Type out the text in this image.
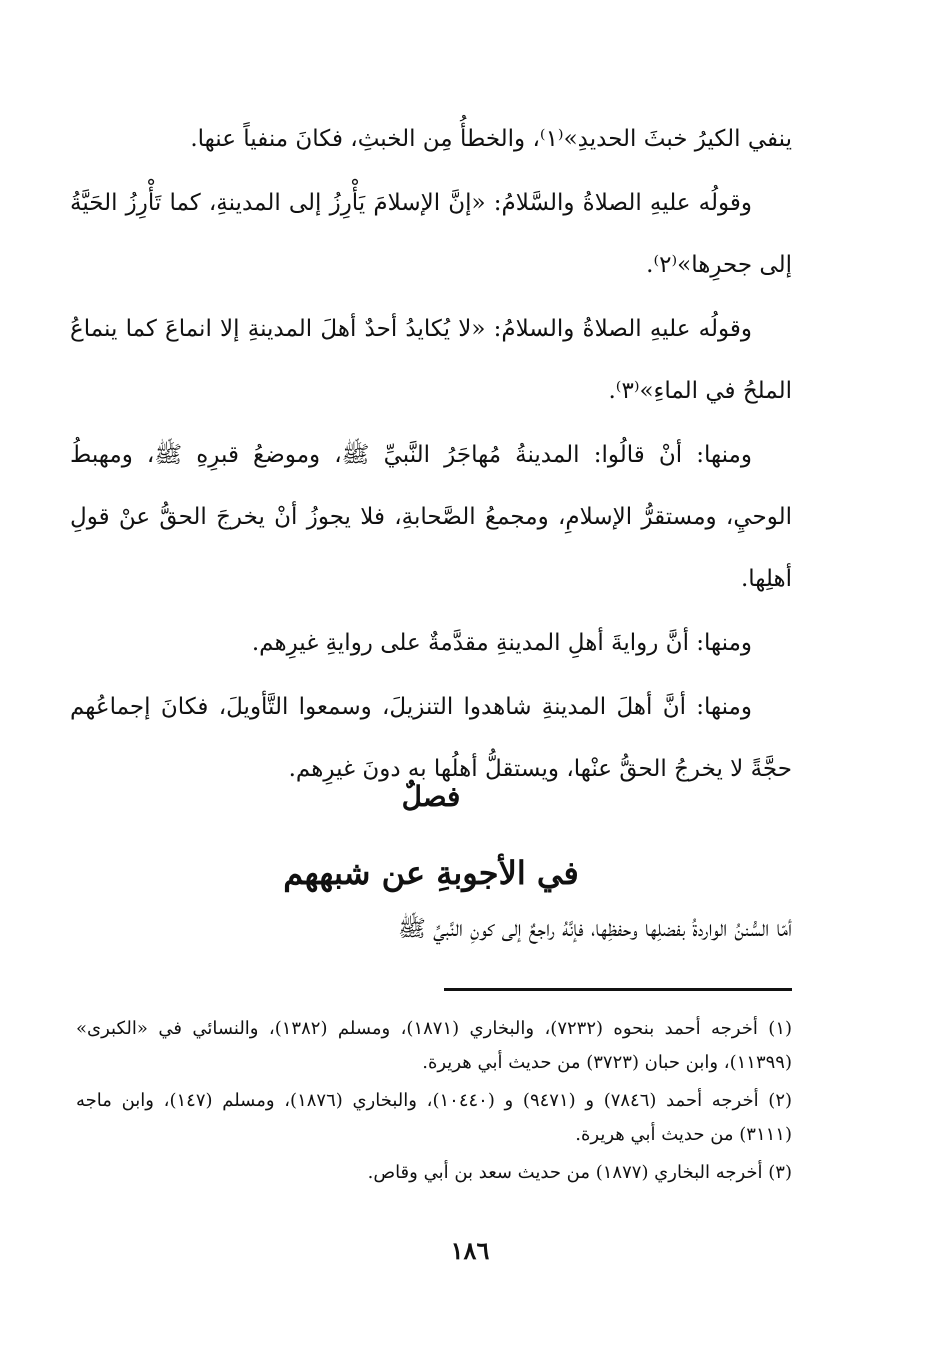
ينفي الكيرُ خبثَ الحديدِ»⁽١⁾، والخطأُ مِن الخبثِ، فكانَ منفياً عنها.

وقولُه عليهِ الصلاةُ والسَّلامُ: «إنَّ الإسلامَ يَأْرِزُ إلى المدينةِ، كما تَأْرِزُ الحَيَّةُ إلى جحرِها»⁽٢⁾.

وقولُه عليهِ الصلاةُ والسلامُ: «لا يُكايدُ أحدٌ أهلَ المدينةِ إلا انماعَ كما ينماعُ الملحُ في الماءِ»⁽٣⁾.

ومنها: أنْ قالُوا: المدينةُ مُهاجَرُ النَّبيِّ ﷺ، وموضعُ قبرِهِ ﷺ، ومهبطُ الوحيِ، ومستقرُّ الإسلامِ، ومجمعُ الصَّحابةِ، فلا يجوزُ أنْ يخرجَ الحقُّ عنْ قولِ أهلِها.

ومنها: أنَّ روايةَ أهلِ المدينةِ مقدَّمةٌ على روايةِ غيرِهم.

ومنها: أنَّ أهلَ المدينةِ شاهدوا التنزيلَ، وسمعوا التَّأويلَ، فكانَ إجماعُهم حجَّةً لا يخرجُ الحقُّ عنْها، ويستقلُّ أهلُها به دونَ غيرِهم.

فصلٌ
في الأجوبةِ عن شبههم
أمّا السُّننُ الواردةُ بفضلِها وحفظِها، فإنَّهُ راجعٌ إلى كونِ النَّبيِّ ﷺ

(١) أخرجه أحمد بنحوه (٧٢٣٢)، والبخاري (١٨٧١)، ومسلم (١٣٨٢)، والنسائي في «الكبرى» (١١٣٩٩)، وابن حبان (٣٧٢٣) من حديث أبي هريرة.

(٢) أخرجه أحمد (٧٨٤٦) و (٩٤٧١) و (١٠٤٤٠)، والبخاري (١٨٧٦)، ومسلم (١٤٧)، وابن ماجه (٣١١١) من حديث أبي هريرة.

(٣) أخرجه البخاري (١٨٧٧) من حديث سعد بن أبي وقاص.

١٨٦
